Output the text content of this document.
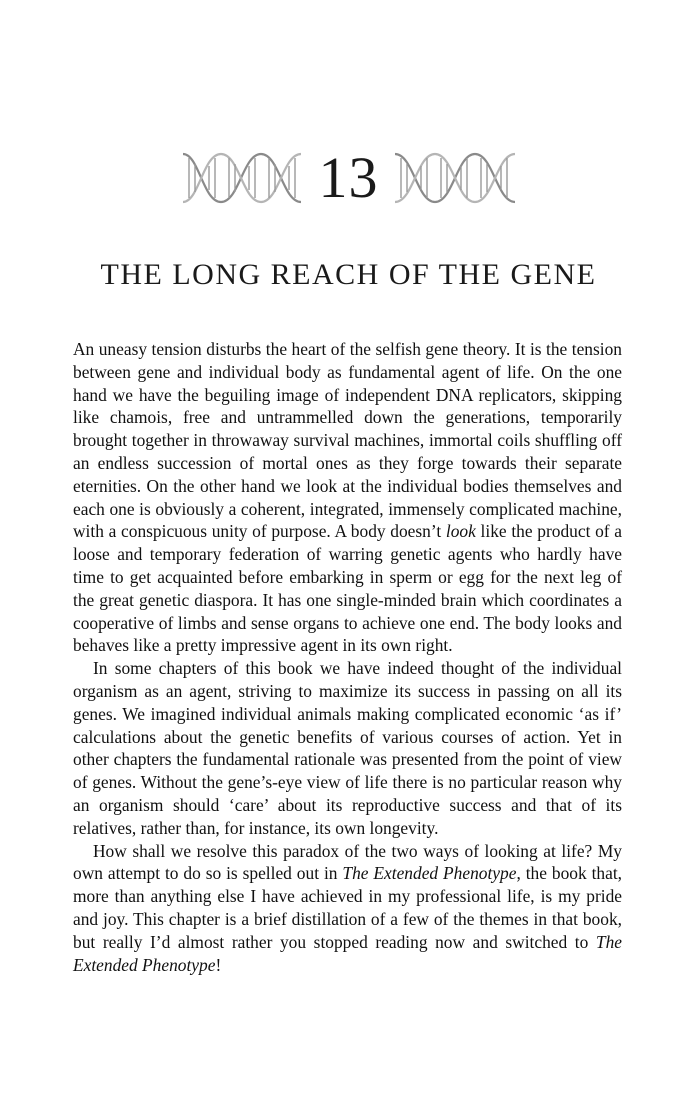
13
THE LONG REACH OF THE GENE

An uneasy tension disturbs the heart of the selfish gene theory. It is the tension between gene and individual body as fundamental agent of life. On the one hand we have the beguiling image of independent DNA replicators, skipping like chamois, free and untrammelled down the generations, temporarily brought together in throwaway survival machines, immortal coils shuffling off an endless succession of mortal ones as they forge towards their separate eternities. On the other hand we look at the individual bodies themselves and each one is obviously a coherent, integrated, immensely complicated machine, with a conspicuous unity of purpose. A body doesn’t look like the product of a loose and temporary federation of warring genetic agents who hardly have time to get acquainted before embarking in sperm or egg for the next leg of the great genetic diaspora. It has one single-minded brain which coordinates a cooperative of limbs and sense organs to achieve one end. The body looks and behaves like a pretty impressive agent in its own right.

In some chapters of this book we have indeed thought of the individual organism as an agent, striving to maximize its success in passing on all its genes. We imagined individual animals making complicated economic ‘as if’ calculations about the genetic benefits of various courses of action. Yet in other chapters the fundamental rationale was presented from the point of view of genes. Without the gene’s-eye view of life there is no particular reason why an organism should ‘care’ about its reproductive success and that of its relatives, rather than, for instance, its own longevity.

How shall we resolve this paradox of the two ways of looking at life? My own attempt to do so is spelled out in The Extended Phenotype, the book that, more than anything else I have achieved in my professional life, is my pride and joy. This chapter is a brief distillation of a few of the themes in that book, but really I’d almost rather you stopped reading now and switched to The Extended Phenotype!
